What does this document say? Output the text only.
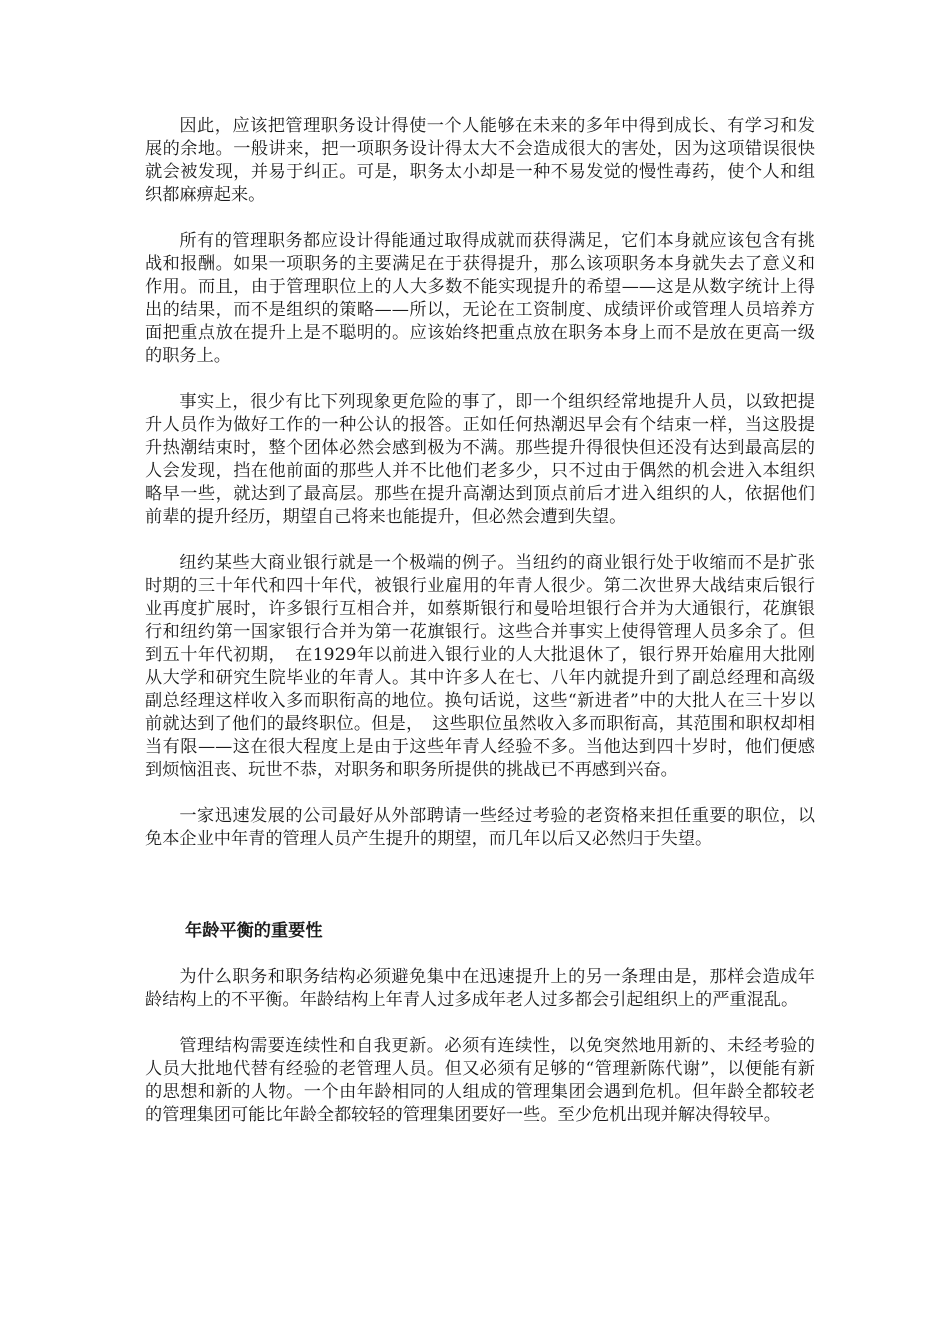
因此，应该把管理职务设计得使一个人能够在未来的多年中得到成长、有学习和发展的余地。一般讲来，把一项职务设计得太大不会造成很大的害处，因为这项错误很快就会被发现，并易于纠正。可是，职务太小却是一种不易发觉的慢性毒药，使个人和组织都麻痹起来。

所有的管理职务都应设计得能通过取得成就而获得满足，它们本身就应该包含有挑战和报酬。如果一项职务的主要满足在于获得提升，那么该项职务本身就失去了意义和作用。而且，由于管理职位上的人大多数不能实现提升的希望——这是从数字统计上得出的结果，而不是组织的策略——所以，无论在工资制度、成绩评价或管理人员培养方面把重点放在提升上是不聪明的。应该始终把重点放在职务本身上而不是放在更高一级的职务上。

事实上，很少有比下列现象更危险的事了，即一个组织经常地提升人员，以致把提升人员作为做好工作的一种公认的报答。正如任何热潮迟早会有个结束一样，当这股提升热潮结束时，整个团体必然会感到极为不满。那些提升得很快但还没有达到最高层的人会发现，挡在他前面的那些人并不比他们老多少，只不过由于偶然的机会进入本组织略早一些，就达到了最高层。那些在提升高潮达到顶点前后才进入组织的人，依据他们前辈的提升经历，期望自己将来也能提升，但必然会遭到失望。

纽约某些大商业银行就是一个极端的例子。当纽约的商业银行处于收缩而不是扩张时期的三十年代和四十年代，被银行业雇用的年青人很少。第二次世界大战结束后银行业再度扩展时，许多银行互相合并，如蔡斯银行和曼哈坦银行合并为大通银行，花旗银行和纽约第一国家银行合并为第一花旗银行。这些合并事实上使得管理人员多余了。但到五十年代初期，　在1929年以前进入银行业的人大批退休了，银行界开始雇用大批刚从大学和研究生院毕业的年青人。其中许多人在七、八年内就提升到了副总经理和高级副总经理这样收入多而职衔高的地位。换句话说，这些“新进者”中的大批人在三十岁以前就达到了他们的最终职位。但是，　这些职位虽然收入多而职衔高，其范围和职权却相当有限——这在很大程度上是由于这些年青人经验不多。当他达到四十岁时，他们便感到烦恼沮丧、玩世不恭，对职务和职务所提供的挑战已不再感到兴奋。

一家迅速发展的公司最好从外部聘请一些经过考验的老资格来担任重要的职位，以免本企业中年青的管理人员产生提升的期望，而几年以后又必然归于失望。

年龄平衡的重要性

为什么职务和职务结构必须避免集中在迅速提升上的另一条理由是，那样会造成年龄结构上的不平衡。年龄结构上年青人过多成年老人过多都会引起组织上的严重混乱。

管理结构需要连续性和自我更新。必须有连续性，以免突然地用新的、未经考验的人员大批地代替有经验的老管理人员。但又必须有足够的“管理新陈代谢”，以便能有新的思想和新的人物。一个由年龄相同的人组成的管理集团会遇到危机。但年龄全都较老的管理集团可能比年龄全都较轻的管理集团要好一些。至少危机出现并解决得较早。
